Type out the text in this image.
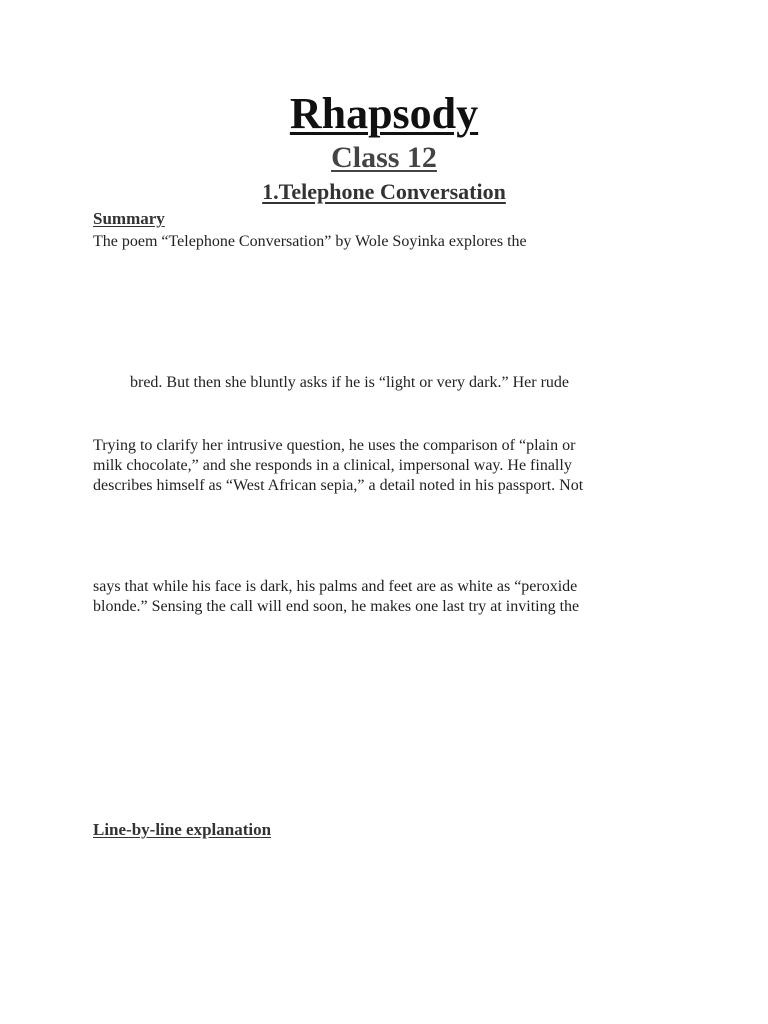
Rhapsody
Class 12
1.Telephone Conversation
Summary

The poem “Telephone Conversation” by Wole Soyinka explores the

bred. But then she bluntly asks if he is “light or very dark.” Her rude

Trying to clarify her intrusive question, he uses the comparison of “plain or
milk chocolate,” and she responds in a clinical, impersonal way. He finally
describes himself as “West African sepia,” a detail noted in his passport. Not

says that while his face is dark, his palms and feet are as white as “peroxide
blonde.” Sensing the call will end soon, he makes one last try at inviting the

Line-by-line explanation
